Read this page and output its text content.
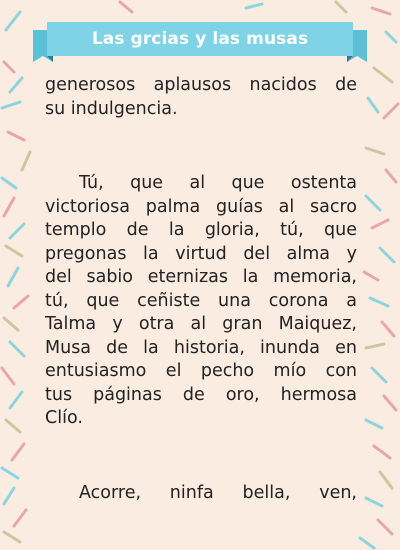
Las grcias y las musas
generosos aplausos nacidos de
su indulgencia.
Tú, que al que ostenta
victoriosa palma guías al sacro
templo de la gloria, tú, que
pregonas la virtud del alma y
del sabio eternizas la memoria,
tú, que ceñiste una corona a
Talma y otra al gran Maiquez,
Musa de la historia, inunda en
entusiasmo el pecho mío con
tus páginas de oro, hermosa
Clío.
Acorre, ninfa bella, ven,
